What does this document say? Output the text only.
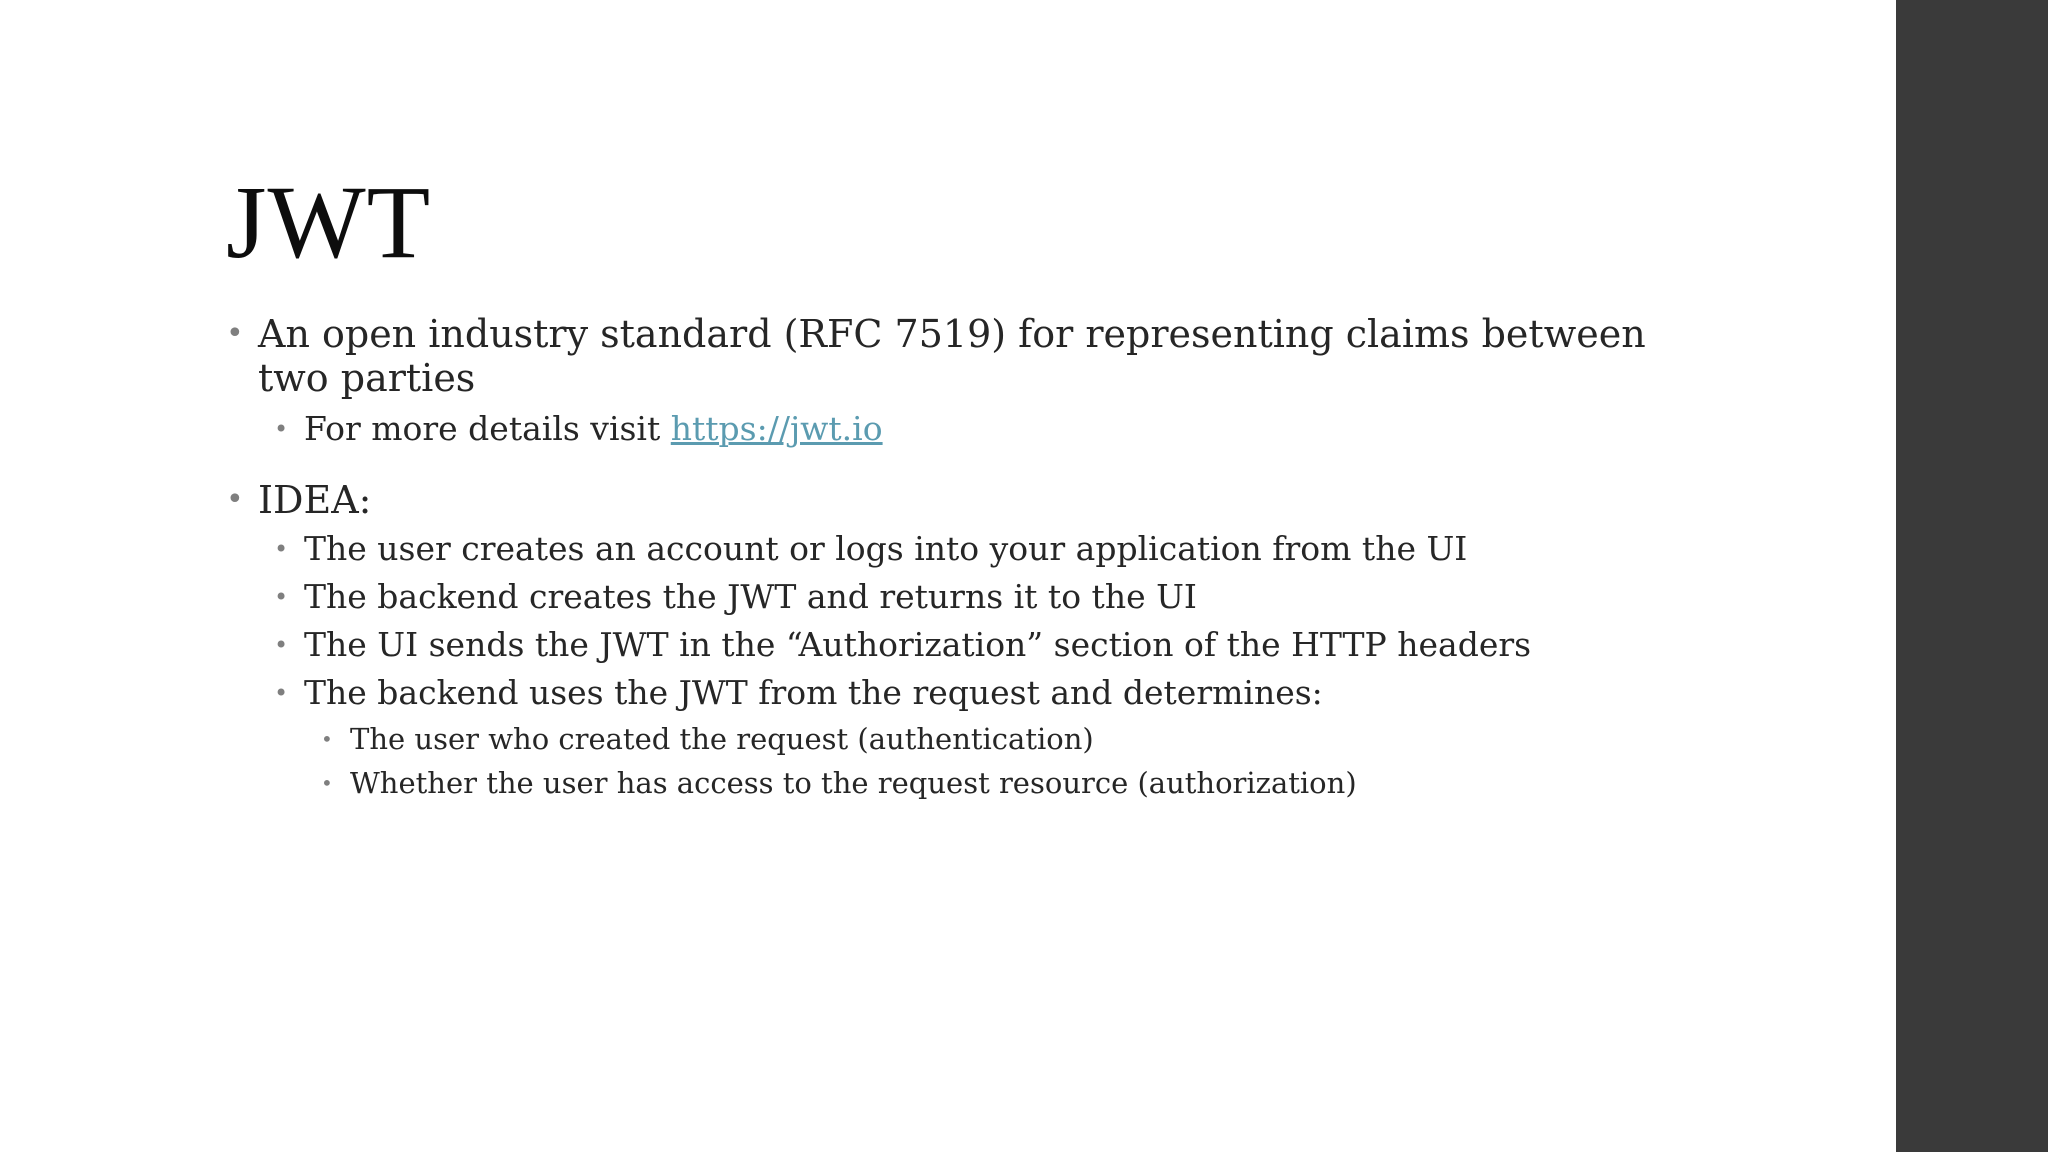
JWT

• An open industry standard (RFC 7519) for representing claims between two parties

• For more details visit https://jwt.io

• IDEA:

• The user creates an account or logs into your application from the UI

• The backend creates the JWT and returns it to the UI

• The UI sends the JWT in the “Authorization” section of the HTTP headers

• The backend uses the JWT from the request and determines:

• The user who created the request (authentication)

• Whether the user has access to the request resource (authorization)
